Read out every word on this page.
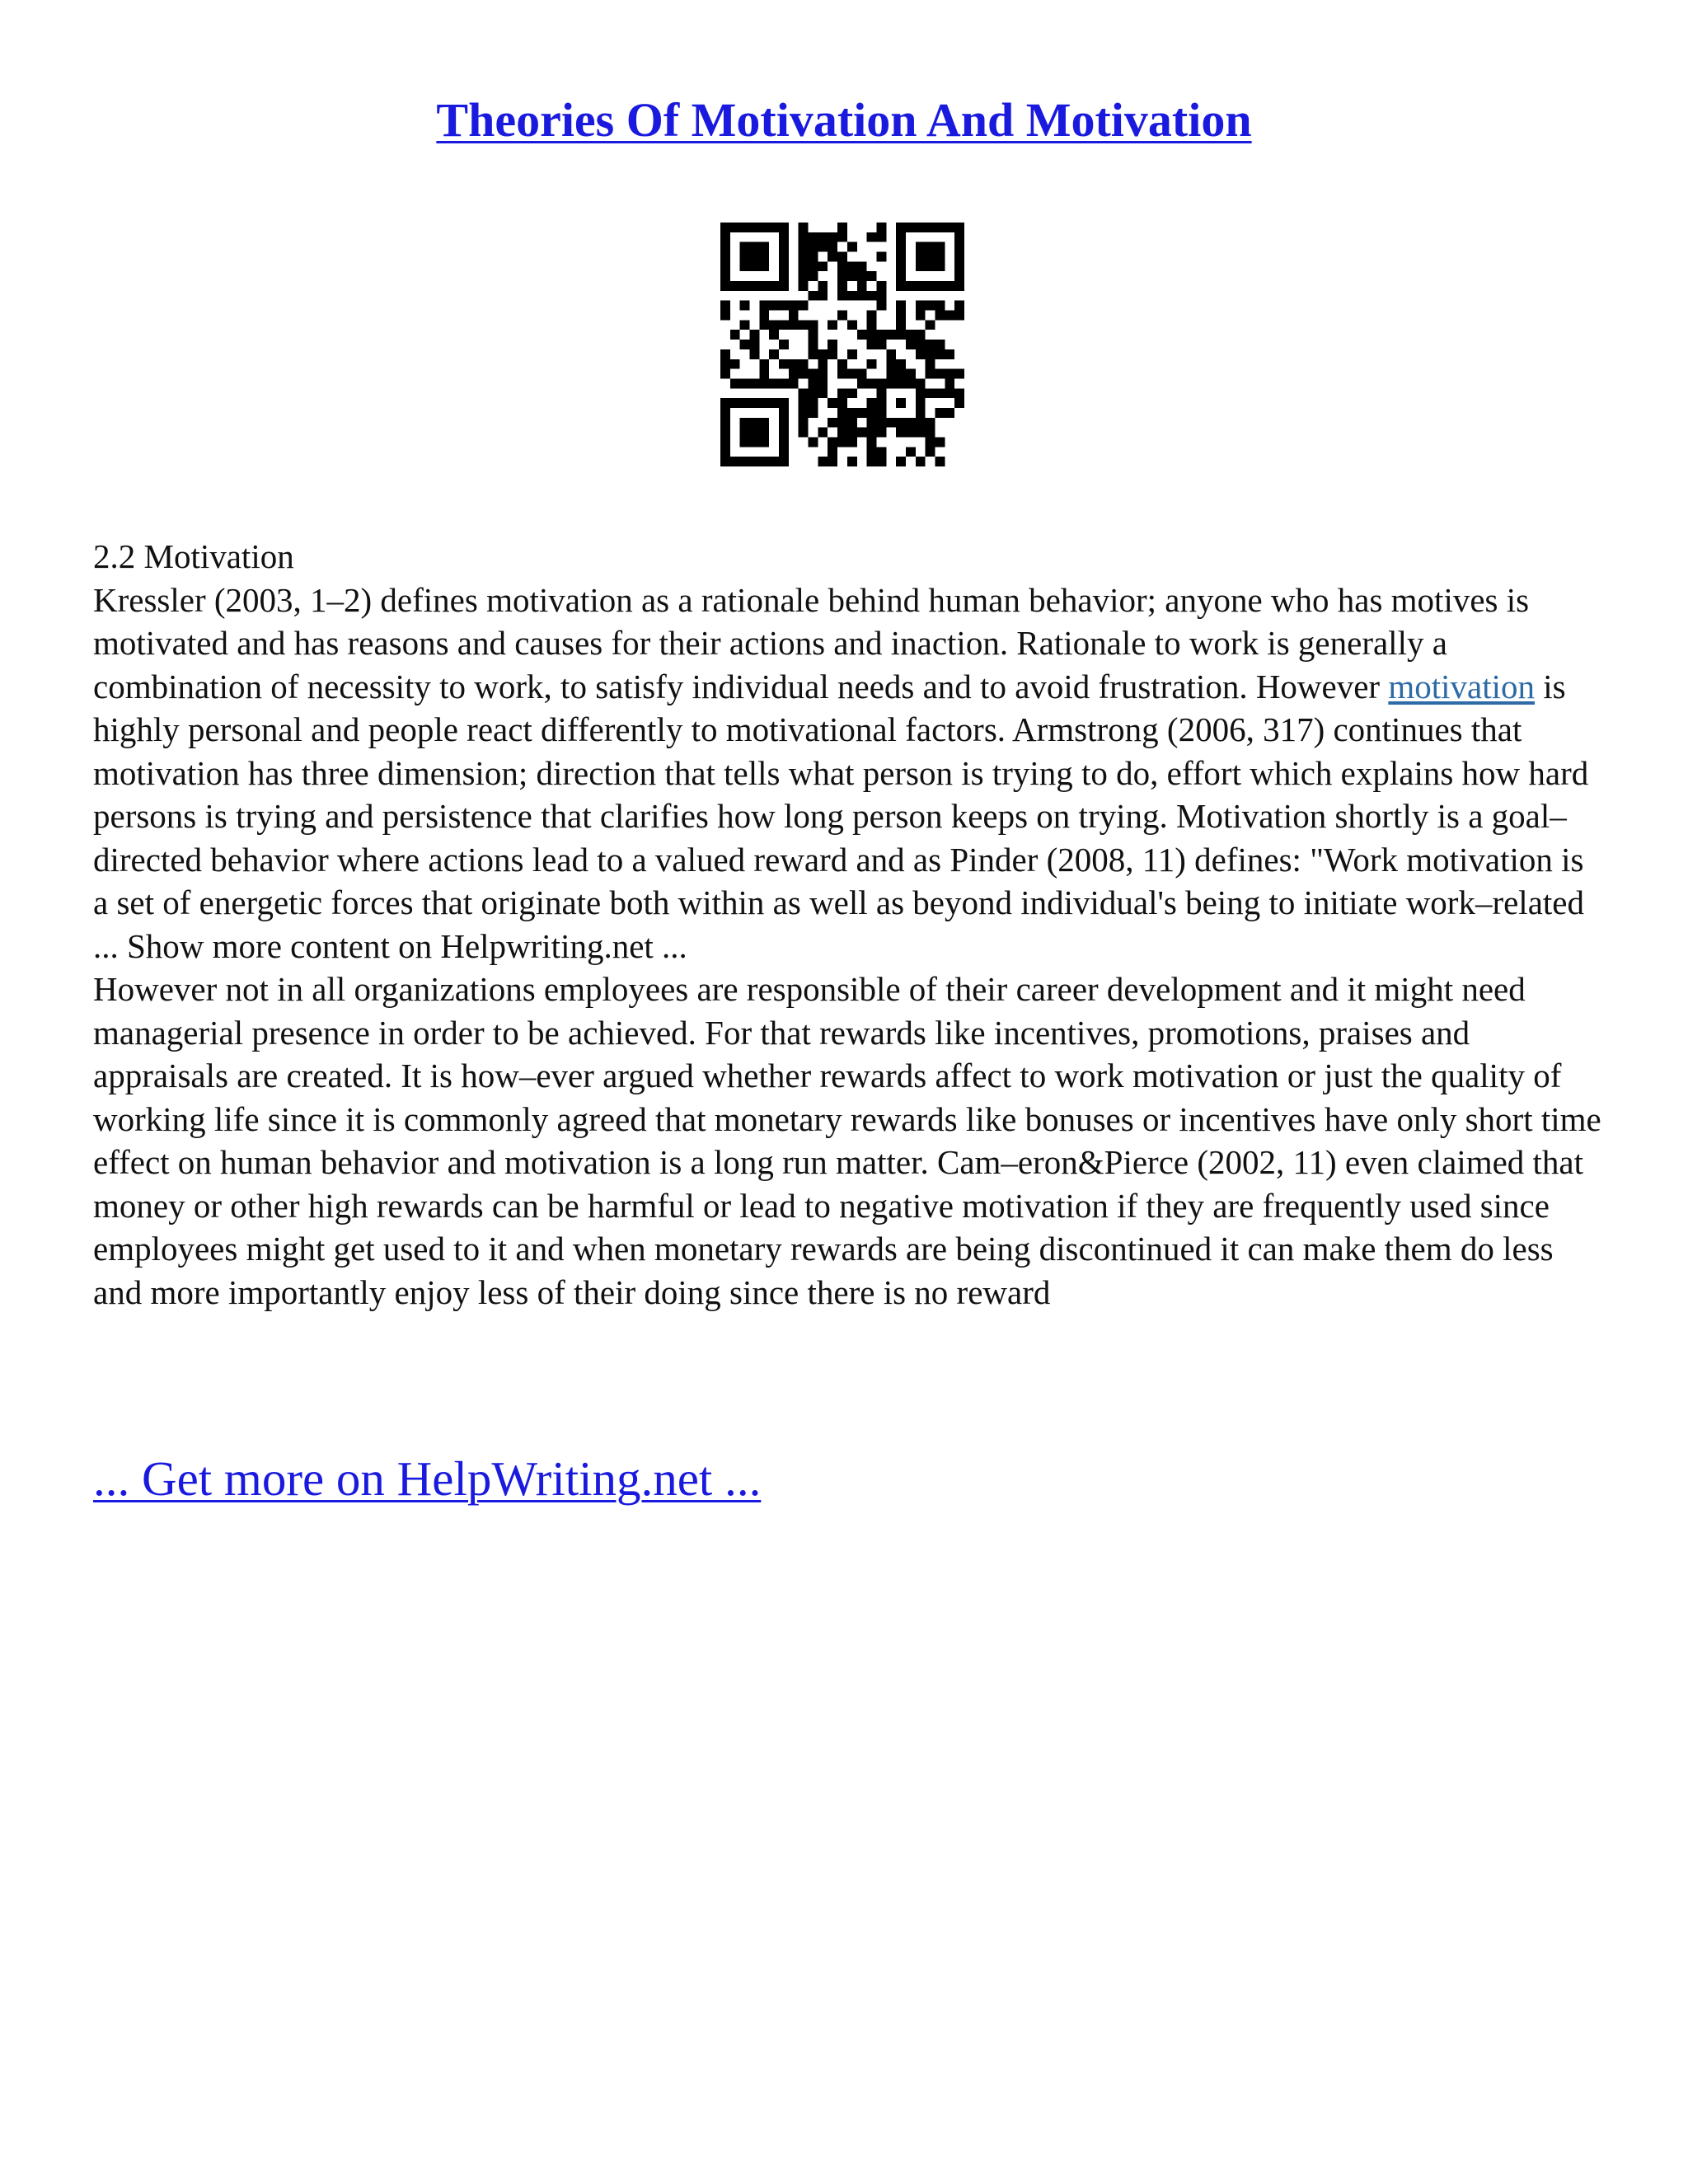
Theories Of Motivation And Motivation

2.2 Motivation

Kressler (2003, 1–2) defines motivation as a rationale behind human behavior; anyone who has motives is motivated and has reasons and causes for their actions and inaction. Rationale to work is generally a combination of necessity to work, to satisfy individual needs and to avoid frustration. However motivation is highly personal and people react differently to motivational factors. Armstrong (2006, 317) continues that motivation has three dimension; direction that tells what person is trying to do, effort which explains how hard persons is trying and persistence that clarifies how long person keeps on trying. Motivation shortly is a goal–directed behavior where actions lead to a valued reward and as Pinder (2008, 11) defines: "Work motivation is a set of energetic forces that originate both within as well as beyond individual's being to initiate work–related ... Show more content on Helpwriting.net ...

However not in all organizations employees are responsible of their career development and it might need managerial presence in order to be achieved. For that rewards like incentives, promotions, praises and appraisals are created. It is how–ever argued whether rewards affect to work motivation or just the quality of working life since it is commonly agreed that monetary rewards like bonuses or incentives have only short time effect on human behavior and motivation is a long run matter. Cam–eron&Pierce (2002, 11) even claimed that money or other high rewards can be harmful or lead to negative motivation if they are frequently used since employees might get used to it and when monetary rewards are being discontinued it can make them do less and more importantly enjoy less of their doing since there is no reward

... Get more on HelpWriting.net ...
